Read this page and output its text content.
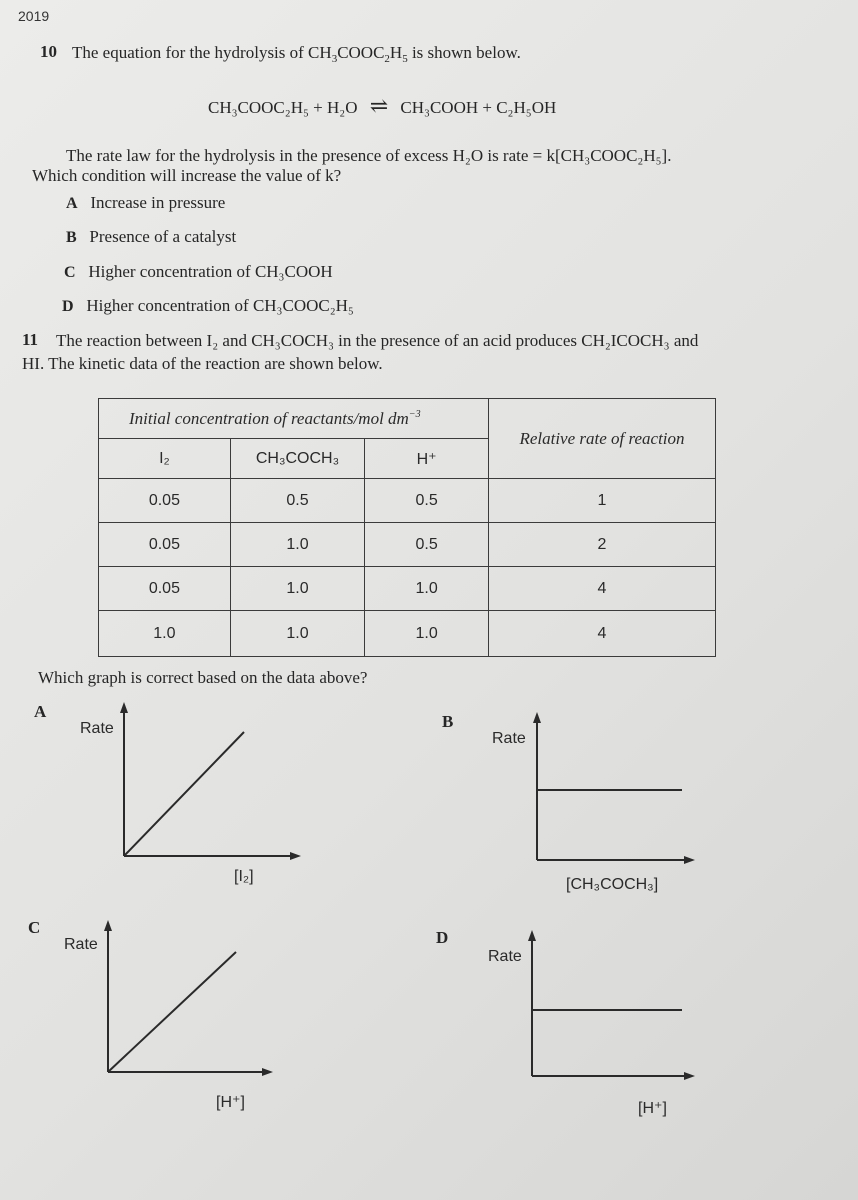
2019
10 The equation for the hydrolysis of $CH_3COOC_2H_5$ is shown below.
CH₃COOC₂H₅ + H₂O ⇌ CH₃COOH + C₂H₅OH
The rate law for the hydrolysis in the presence of excess H₂O is rate = k[CH₃COOC₂H₅].
Which condition will increase the value of k?
A Increase in pressure
B Presence of a catalyst
C Higher concentration of CH₃COOH
D Higher concentration of CH₃COOC₂H₅
11 The reaction between I₂ and CH₃COCH₃ in the presence of an acid produces CH₂ICOCH₃ and
HI. The kinetic data of the reaction are shown below.
Initial concentration of reactants/mol $dm^{-3}$			Relative rate of reaction
I₂	CH₃COCH₃	H⁺	
0.05	0.5	0.5	1
0.05	1.0	0.5	2
0.05	1.0	1.0	4
1.0	1.0	1.0	4
Which graph is correct based on the data above?
A
Rate
[I₂]
B
Rate
[CH₃COCH₃]
C
Rate
[H⁺]
D
Rate
[H⁺]
